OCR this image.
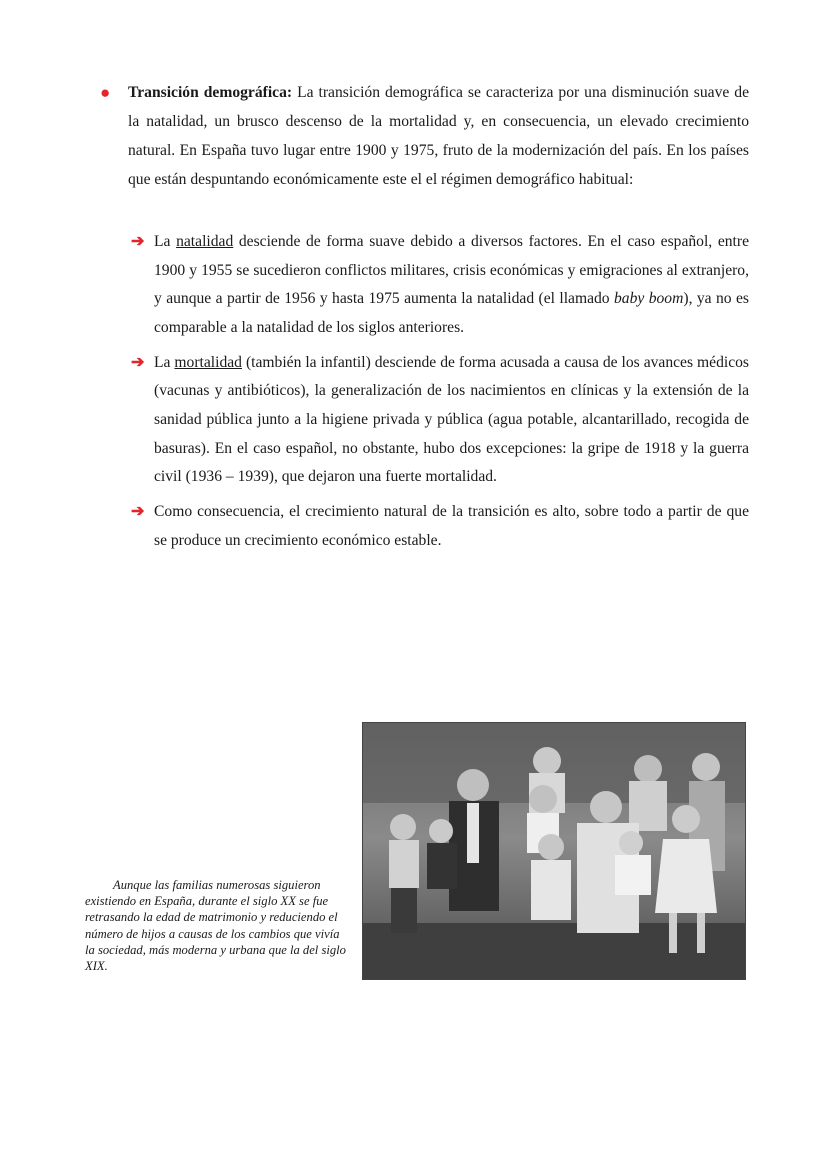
● Transición demográfica: La transición demográfica se caracteriza por una disminución suave de la natalidad, un brusco descenso de la mortalidad y, en consecuencia, un elevado crecimiento natural. En España tuvo lugar entre 1900 y 1975, fruto de la modernización del país. En los países que están despuntando económicamente este el el régimen demográfico habitual:
➔ La natalidad desciende de forma suave debido a diversos factores. En el caso español, entre 1900 y 1955 se sucedieron conflictos militares, crisis económicas y emigraciones al extranjero, y aunque a partir de 1956 y hasta 1975 aumenta la natalidad (el llamado baby boom), ya no es comparable a la natalidad de los siglos anteriores.
➔ La mortalidad (también la infantil) desciende de forma acusada a causa de los avances médicos (vacunas y antibióticos), la generalización de los nacimientos en clínicas y la extensión de la sanidad pública junto a la higiene privada y pública (agua potable, alcantarillado, recogida de basuras). En el caso español, no obstante, hubo dos excepciones: la gripe de 1918 y la guerra civil (1936 – 1939), que dejaron una fuerte mortalidad.
➔ Como consecuencia, el crecimiento natural de la transición es alto, sobre todo a partir de que se produce un crecimiento económico estable.
Aunque las familias numerosas siguieron existiendo en España, durante el siglo XX se fue retrasando la edad de matrimonio y reduciendo el número de hijos a causas de los cambios que vivía la sociedad, más moderna y urbana que la del siglo XIX.
